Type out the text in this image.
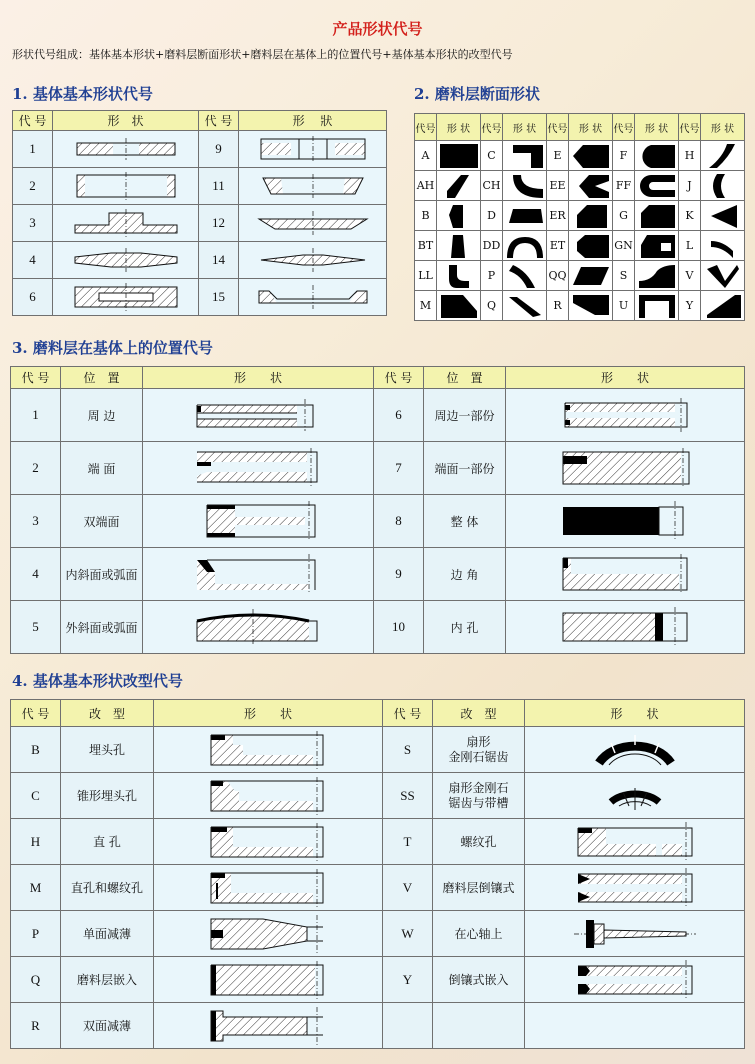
产品形状代号
形状代号组成：基体基本形状+磨料层断面形状+磨料层在基体上的位置代号+基体基本形状的改型代号
1. 基体基本形状代号
代 号	形　状	代 号	形　 狀
1		9	

2		11	

3		12	

4		14	

6		15	
2. 磨料层断面形状
代号	形 状	代号	形 状	代号	形 状	代号	形 状	代号	形 状
A		C		E		F		H	

AH		CH		EE		FF		J	

B		D		ER		G		K	

BT		DD		ET		GN		L	

LL		P		QQ		S		V	

M		Q		R		U		Y	
3. 磨料层在基体上的位置代号
代 号	位　置	形　　状	代 号	位　置	形　　状
1	周 边		6	周边一部份	

2	端 面		7	端面一部份	

3	双端面		8	整 体	

4	内斜面或弧面		9	边 角	

5	外斜面或弧面		10	内 孔	
4. 基体基本形状改型代号
代 号	改　型	形　　状	代 号	改　型	形　　状
B	埋头孔		S	扇形
金刚石锯齿

C	锥形埋头孔		SS	扇形金刚石
锯齿与带槽

H	直 孔		T	螺纹孔	

M	直孔和螺纹孔		V	磨料层倒镶式	

P	单面减薄		W	在心轴上	

Q	磨料层嵌入		Y	倒镶式嵌入	

R	双面减薄	
